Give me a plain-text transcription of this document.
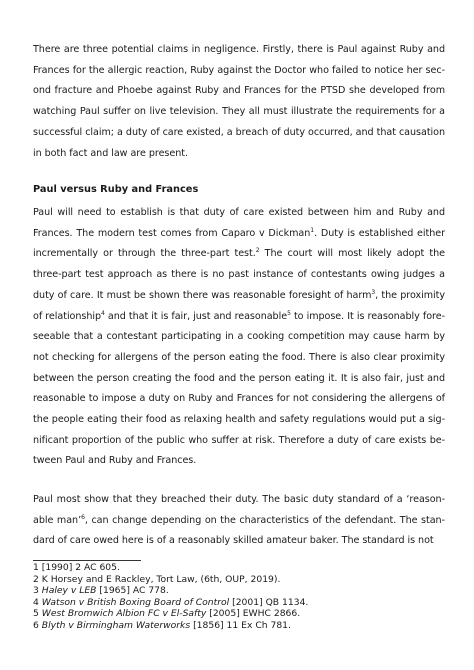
There are three potential claims in negligence. Firstly, there is Paul against Ruby and Frances for the allergic reaction, Ruby against the Doctor who failed to notice her sec-ond fracture and Phoebe against Ruby and Frances for the PTSD she developed from watching Paul suffer on live television. They all must illustrate the requirements for a successful claim; a duty of care existed, a breach of duty occurred, and that causation in both fact and law are present.

Paul versus Ruby and Frances

Paul will need to establish is that duty of care existed between him and Ruby and Frances. The modern test comes from Caparo v Dickman$^1$. Duty is established either incrementally or through the three-part test.$^2$ The court will most likely adopt the three-part test approach as there is no past instance of contestants owing judges a duty of care. It must be shown there was reasonable foresight of harm$^3$, the proximity of relationship$^4$ and that it is fair, just and reasonable$^5$ to impose. It is reasonably fore-seeable that a contestant participating in a cooking competition may cause harm by not checking for allergens of the person eating the food. There is also clear proximity between the person creating the food and the person eating it. It is also fair, just and reasonable to impose a duty on Ruby and Frances for not considering the allergens of the people eating their food as relaxing health and safety regulations would put a sig-nificant proportion of the public who suffer at risk. Therefore a duty of care exists be-tween Paul and Ruby and Frances.

Paul most show that they breached their duty. The basic duty standard of a ‘reason-able man’$^6$, can change depending on the characteristics of the defendant. The stan-dard of care owed here is of a reasonably skilled amateur baker. The standard is not

1 [1990] 2 AC 605.
2 K Horsey and E Rackley, Tort Law, (6th, OUP, 2019).
3 Haley v LEB [1965] AC 778.
4 Watson v British Boxing Board of Control [2001] QB 1134.
5 West Bromwich Albion FC v El-Safty [2005] EWHC 2866.
6 Blyth v Birmingham Waterworks [1856] 11 Ex Ch 781.
